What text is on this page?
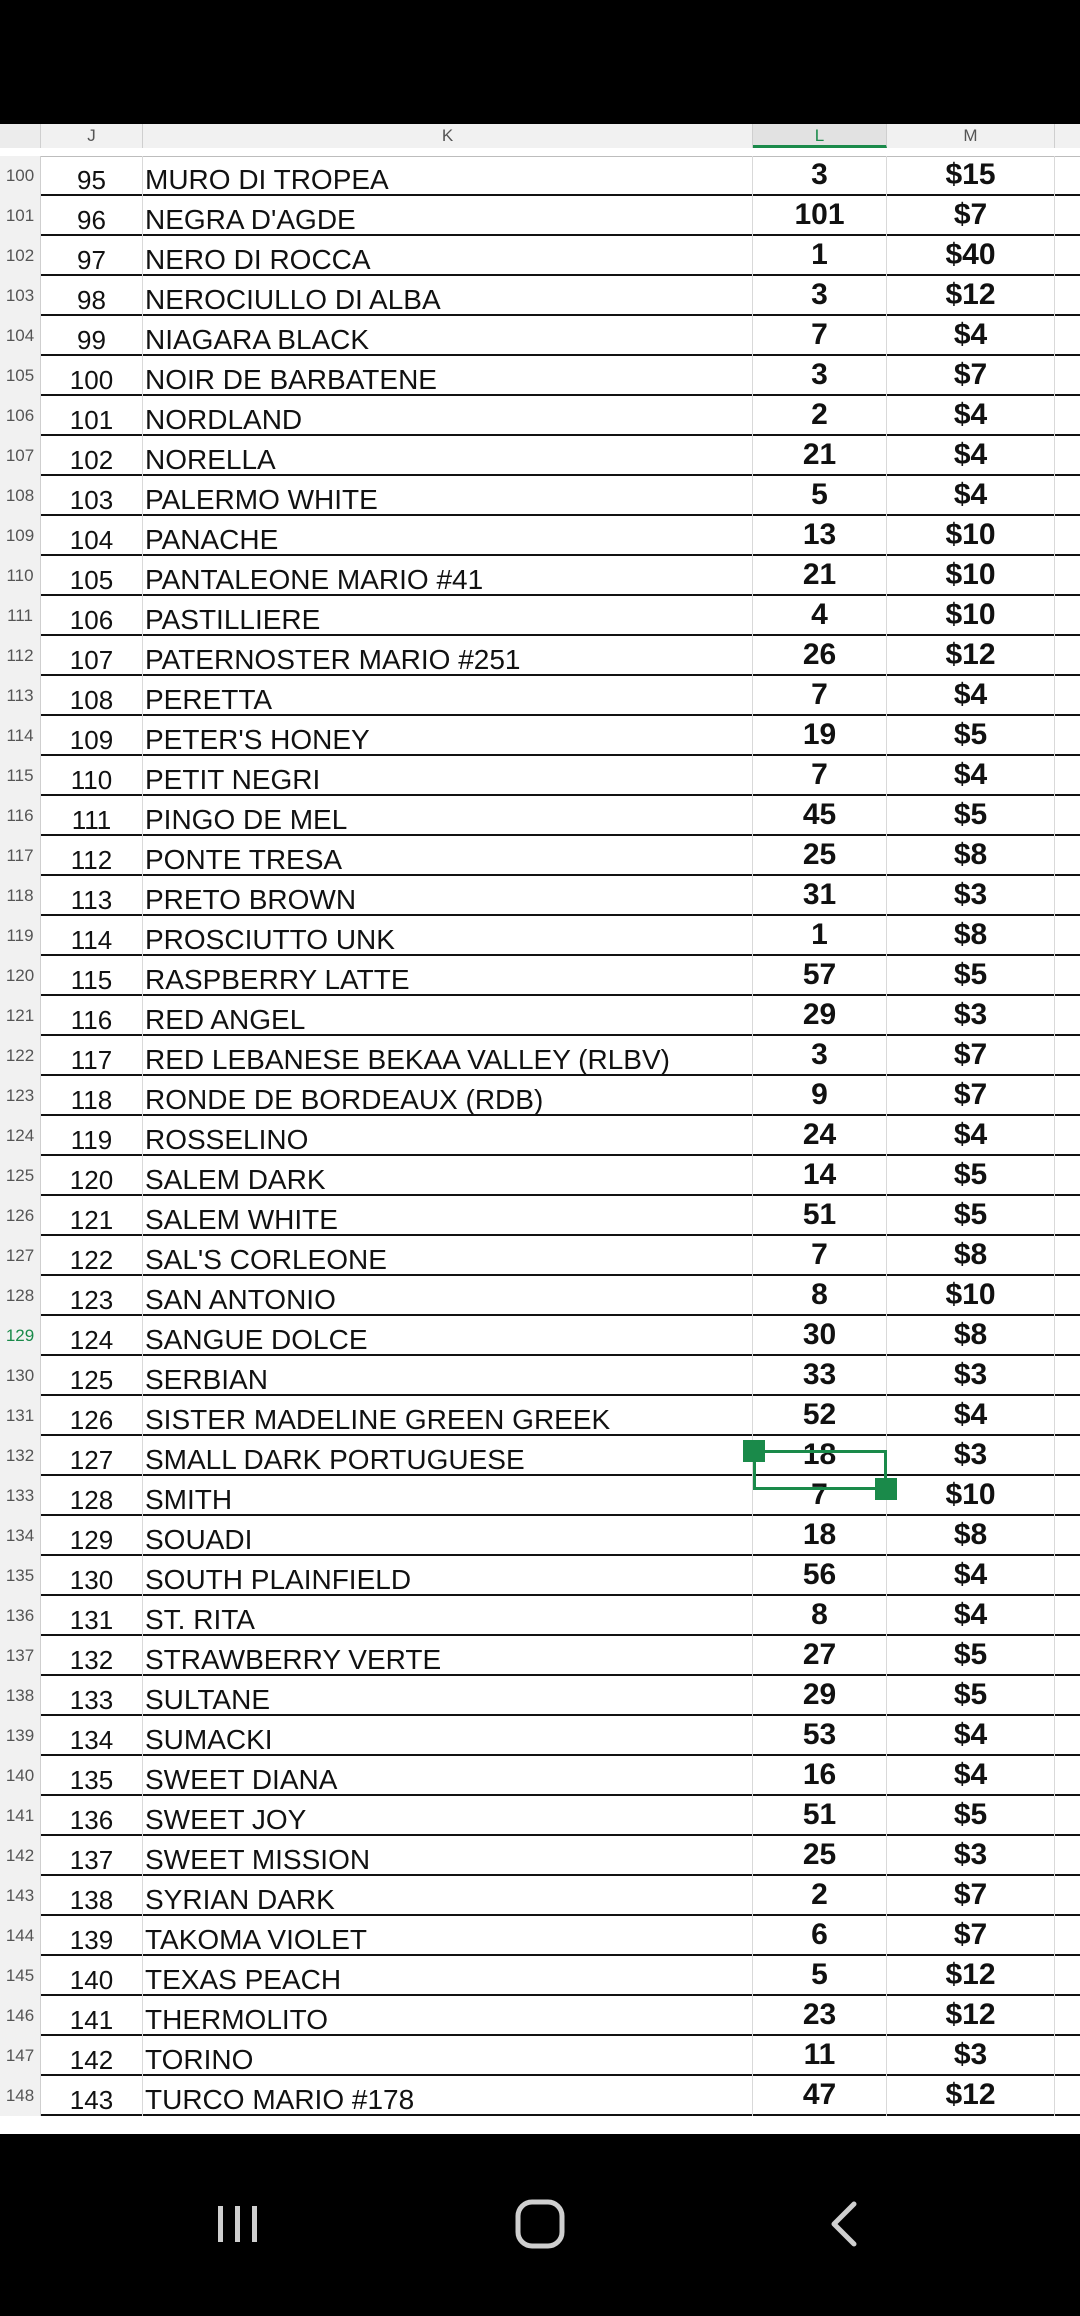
J	K	L	M
100	95	MURO DI TROPEA	3	$15
101	96	NEGRA D'AGDE	101	$7
102	97	NERO DI ROCCA	1	$40
103	98	NEROCIULLO DI ALBA	3	$12
104	99	NIAGARA BLACK	7	$4
105	100	NOIR DE BARBATENE	3	$7
106	101	NORDLAND	2	$4
107	102	NORELLA	21	$4
108	103	PALERMO WHITE	5	$4
109	104	PANACHE	13	$10
110	105	PANTALEONE MARIO #41	21	$10
111	106	PASTILLIERE	4	$10
112	107	PATERNOSTER MARIO #251	26	$12
113	108	PERETTA	7	$4
114	109	PETER'S HONEY	19	$5
115	110	PETIT NEGRI	7	$4
116	111	PINGO DE MEL	45	$5
117	112	PONTE TRESA	25	$8
118	113	PRETO BROWN	31	$3
119	114	PROSCIUTTO UNK	1	$8
120	115	RASPBERRY LATTE	57	$5
121	116	RED ANGEL	29	$3
122	117	RED LEBANESE BEKAA VALLEY (RLBV)	3	$7
123	118	RONDE DE BORDEAUX (RDB)	9	$7
124	119	ROSSELINO	24	$4
125	120	SALEM DARK	14	$5
126	121	SALEM WHITE	51	$5
127	122	SAL'S CORLEONE	7	$8
128	123	SAN ANTONIO	8	$10
129	124	SANGUE DOLCE	30	$8
130	125	SERBIAN	33	$3
131	126	SISTER MADELINE GREEN GREEK	52	$4
132	127	SMALL DARK PORTUGUESE	18	$3
133	128	SMITH	7	$10
134	129	SOUADI	18	$8
135	130	SOUTH PLAINFIELD	56	$4
136	131	ST. RITA	8	$4
137	132	STRAWBERRY VERTE	27	$5
138	133	SULTANE	29	$5
139	134	SUMACKI	53	$4
140	135	SWEET DIANA	16	$4
141	136	SWEET JOY	51	$5
142	137	SWEET MISSION	25	$3
143	138	SYRIAN DARK	2	$7
144	139	TAKOMA VIOLET	6	$7
145	140	TEXAS PEACH	5	$12
146	141	THERMOLITO	23	$12
147	142	TORINO	11	$3
148	143	TURCO MARIO #178	47	$12
